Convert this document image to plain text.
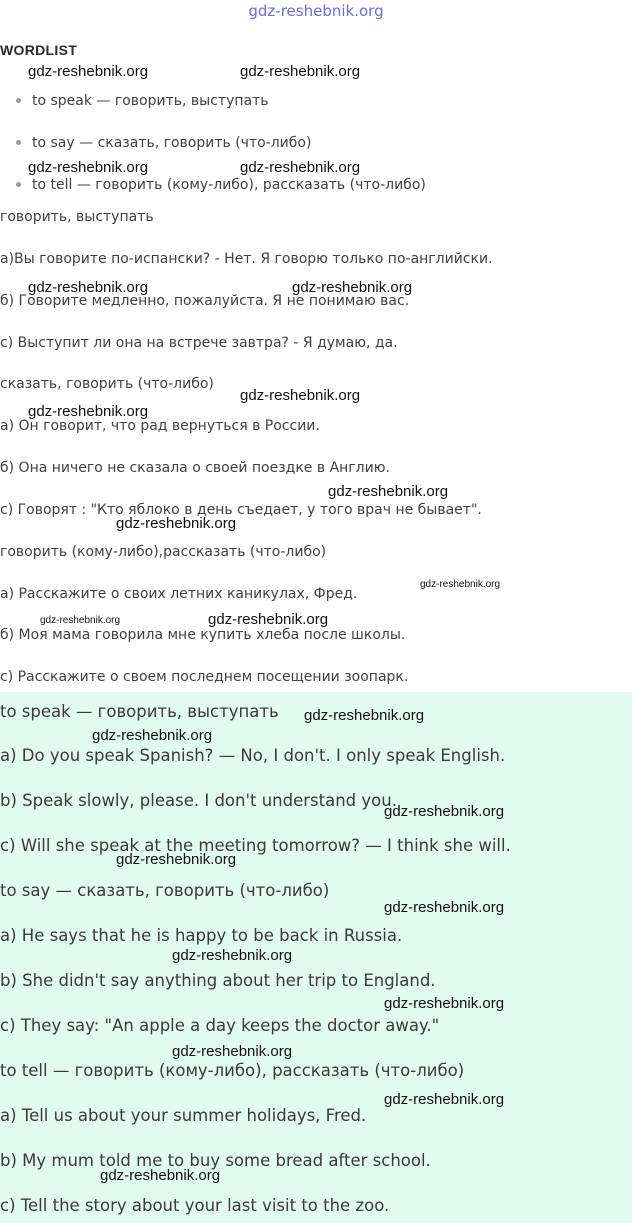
gdz-reshebnik.org
WORDLIST
to speak — говорить, выступать
to say — сказать, говорить (что-либо)
to tell — говорить (кому-либо), рассказать (что-либо)
говорить, выступать
a)Вы говорите по-испански? - Нет. Я говорю только по-английски.
б) Говорите медленно, пожалуйста. Я не понимаю вас.
c) Выступит ли она на встрече завтра? - Я думаю, да.
сказать, говорить (что-либо)
а) Он говорит, что рад вернуться в России.
б) Она ничего не сказала о своей поездке в Англию.
с) Говорят : "Кто яблоко в день съедает, у того врач не бывает".
говорить (кому-либо),рассказать (что-либо)
а) Расскажите о своих летних каникулах, Фред.
б) Моя мама говорила мне купить хлеба после школы.
с) Расскажите о своем последнем посещении зоопарк.
to speak — говорить, выступать
a) Do you speak Spanish? — No, I don't. I only speak English.
b) Speak slowly, please. I don't understand you.
c) Will she speak at the meeting tomorrow? — I think she will.
to say — сказать, говорить (что-либо)
a) He says that he is happy to be back in Russia.
b) She didn't say anything about her trip to England.
c) They say: "An apple a day keeps the doctor away."
to tell — говорить (кому-либо), рассказать (что-либо)
a) Tell us about your summer holidays, Fred.
b) My mum told me to buy some bread after school.
c) Tell the story about your last visit to the zoo.
gdz-reshebnik.org	gdz-reshebnik.org
gdz-reshebnik.org	gdz-reshebnik.org
gdz-reshebnik.org	gdz-reshebnik.org
gdz-reshebnik.org
gdz-reshebnik.org
gdz-reshebnik.org
gdz-reshebnik.org
gdz-reshebnik.org
gdz-reshebnik.org	gdz-reshebnik.org
gdz-reshebnik.org
gdz-reshebnik.org
gdz-reshebnik.org
gdz-reshebnik.org
gdz-reshebnik.org
gdz-reshebnik.org
gdz-reshebnik.org
gdz-reshebnik.org
gdz-reshebnik.org
gdz-reshebnik.org
